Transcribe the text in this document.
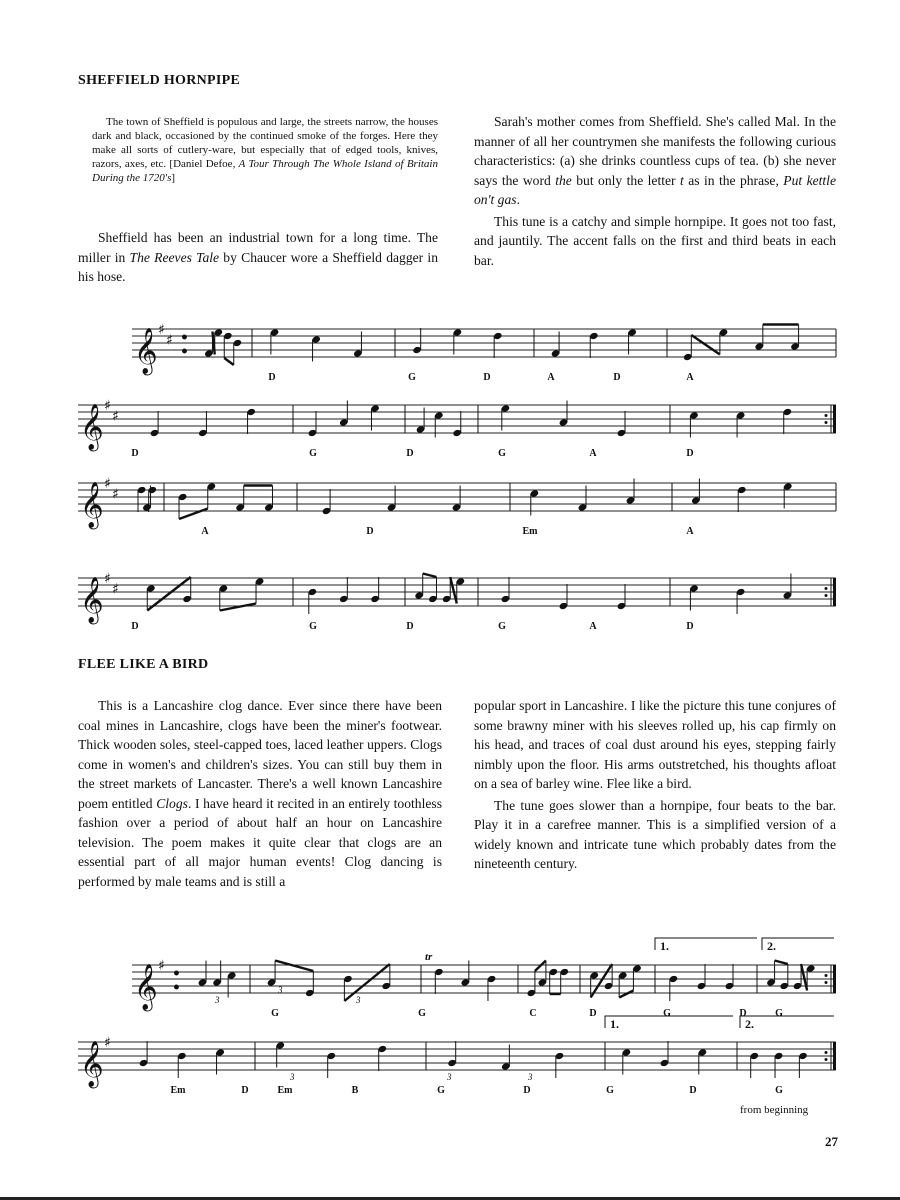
SHEFFIELD HORNPIPE

The town of Sheffield is populous and large, the streets narrow, the houses dark and black, occasioned by the continued smoke of the forges. Here they make all sorts of cutlery-ware, but especially that of edged tools, knives, razors, axes, etc. [Daniel Defoe, A Tour Through The Whole Island of Britain During the 1720's]

Sheffield has been an industrial town for a long time. The miller in The Reeves Tale by Chaucer wore a Sheffield dagger in his hose.

Sarah's mother comes from Sheffield. She's called Mal. In the manner of all her countrymen she manifests the following curious characteristics: (a) she drinks countless cups of tea. (b) she never says the word the but only the letter t as in the phrase, Put kettle on't gas.

This tune is a catchy and simple hornpipe. It goes not too fast, and jauntily. The accent falls on the first and third beats in each bar.

FLEE LIKE A BIRD

This is a Lancashire clog dance. Ever since there have been coal mines in Lancashire, clogs have been the miner's footwear. Thick wooden soles, steel-capped toes, laced leather uppers. Clogs come in women's and children's sizes. You can still buy them in the street markets of Lancaster. There's a well known Lancashire poem entitled Clogs. I have heard it recited in an entirely toothless fashion over a period of about half an hour on Lancashire television. The poem makes it quite clear that clogs are an essential part of all major human events! Clog dancing is performed by male teams and is still a

popular sport in Lancashire. I like the picture this tune conjures of some brawny miner with his sleeves rolled up, his cap firmly on his head, and traces of coal dust around his eyes, stepping fairly nimbly upon the floor. His arms outstretched, his thoughts afloat on a sea of barley wine. Flee like a bird.

The tune goes slower than a hornpipe, four beats to the bar. Play it in a carefree manner. This is a simplified version of a widely known and intricate tune which probably dates from the nineteenth century.

𝄞 ♯
♯ •
•
𝄞 ♯
♯
𝄞 ♯
♯
𝄞 ♯
♯
𝄞 ♯ •
•
𝄞 ♯
D	G	D	A	D	A
D	G	D	G	A	D
A	D	Em	A
D	G	D	G	A	D
G	G	C	D	G	D	G
Em	D	Em	B	G	D	G	D	G
1.	2.
1.	2.
tr
3
3
3
3	3	3
from beginning
27
